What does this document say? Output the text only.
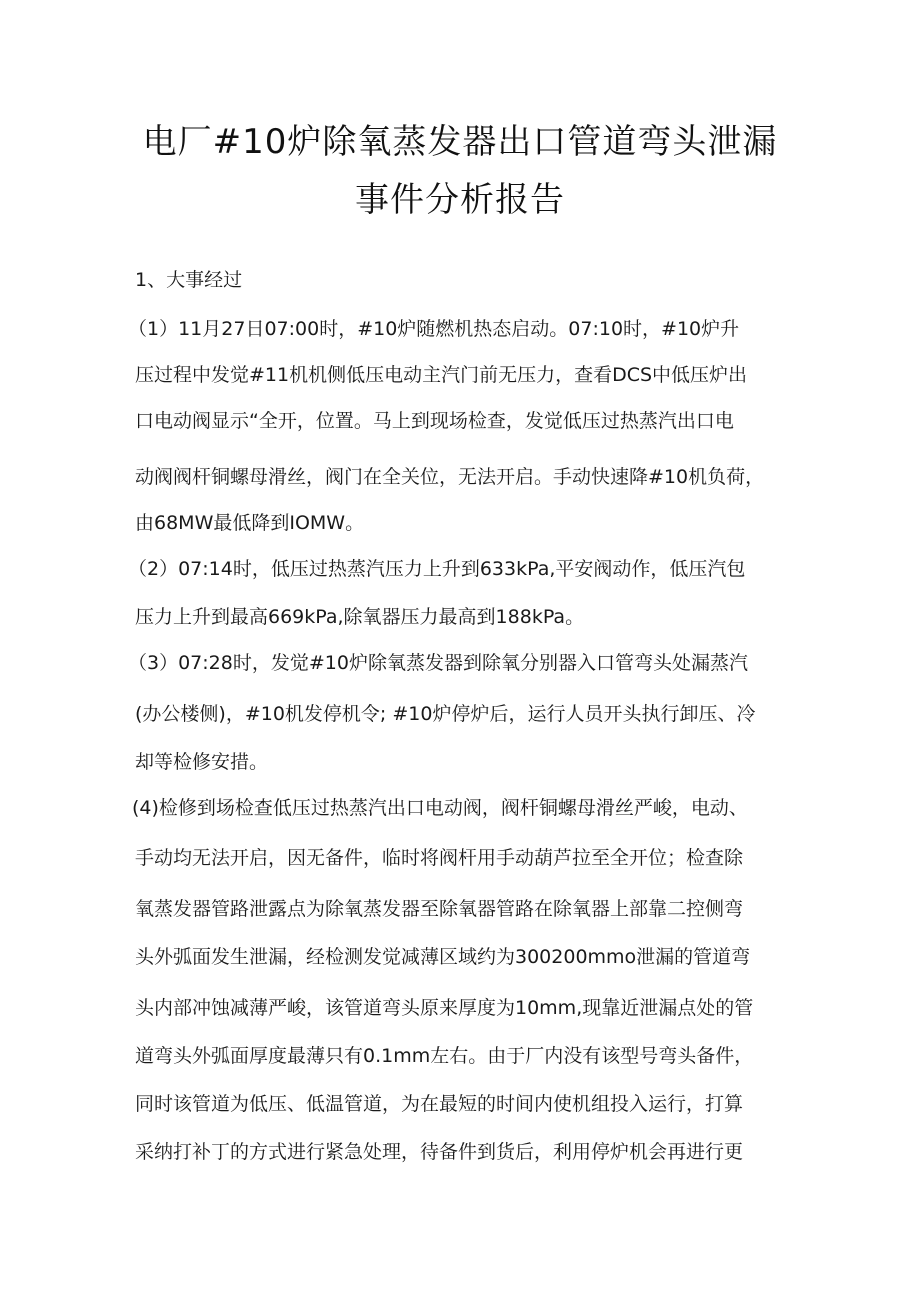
电厂#10炉除氧蒸发器出口管道弯头泄漏
事件分析报告
1、大事经过
（1）11月27日07:00时，#10炉随燃机热态启动。07:10时，#10炉升
压过程中发觉#11机机侧低压电动主汽门前无压力，查看DCS中低压炉出
口电动阀显示“全开，位置。马上到现场检查，发觉低压过热蒸汽出口电
动阀阀杆铜螺母滑丝，阀门在全关位，无法开启。手动快速降#10机负荷，
由68MW最低降到IOMW。
（2）07:14时，低压过热蒸汽压力上升到633kPa,平安阀动作，低压汽包
压力上升到最高669kPa,除氧器压力最高到188kPa。
（3）07:28时，发觉#10炉除氧蒸发器到除氧分别器入口管弯头处漏蒸汽
(办公楼侧)，#10机发停机令; #10炉停炉后，运行人员开头执行卸压、冷
却等检修安措。
(4)检修到场检查低压过热蒸汽出口电动阀，阀杆铜螺母滑丝严峻，电动、
手动均无法开启，因无备件，临时将阀杆用手动葫芦拉至全开位；检查除
氧蒸发器管路泄露点为除氧蒸发器至除氧器管路在除氧器上部靠二控侧弯
头外弧面发生泄漏，经检测发觉减薄区域约为300200mmo泄漏的管道弯
头内部冲蚀减薄严峻，该管道弯头原来厚度为10mm,现靠近泄漏点处的管
道弯头外弧面厚度最薄只有0.1mm左右。由于厂内没有该型号弯头备件，
同时该管道为低压、低温管道，为在最短的时间内使机组投入运行，打算
采纳打补丁的方式进行紧急处理，待备件到货后，利用停炉机会再进行更
